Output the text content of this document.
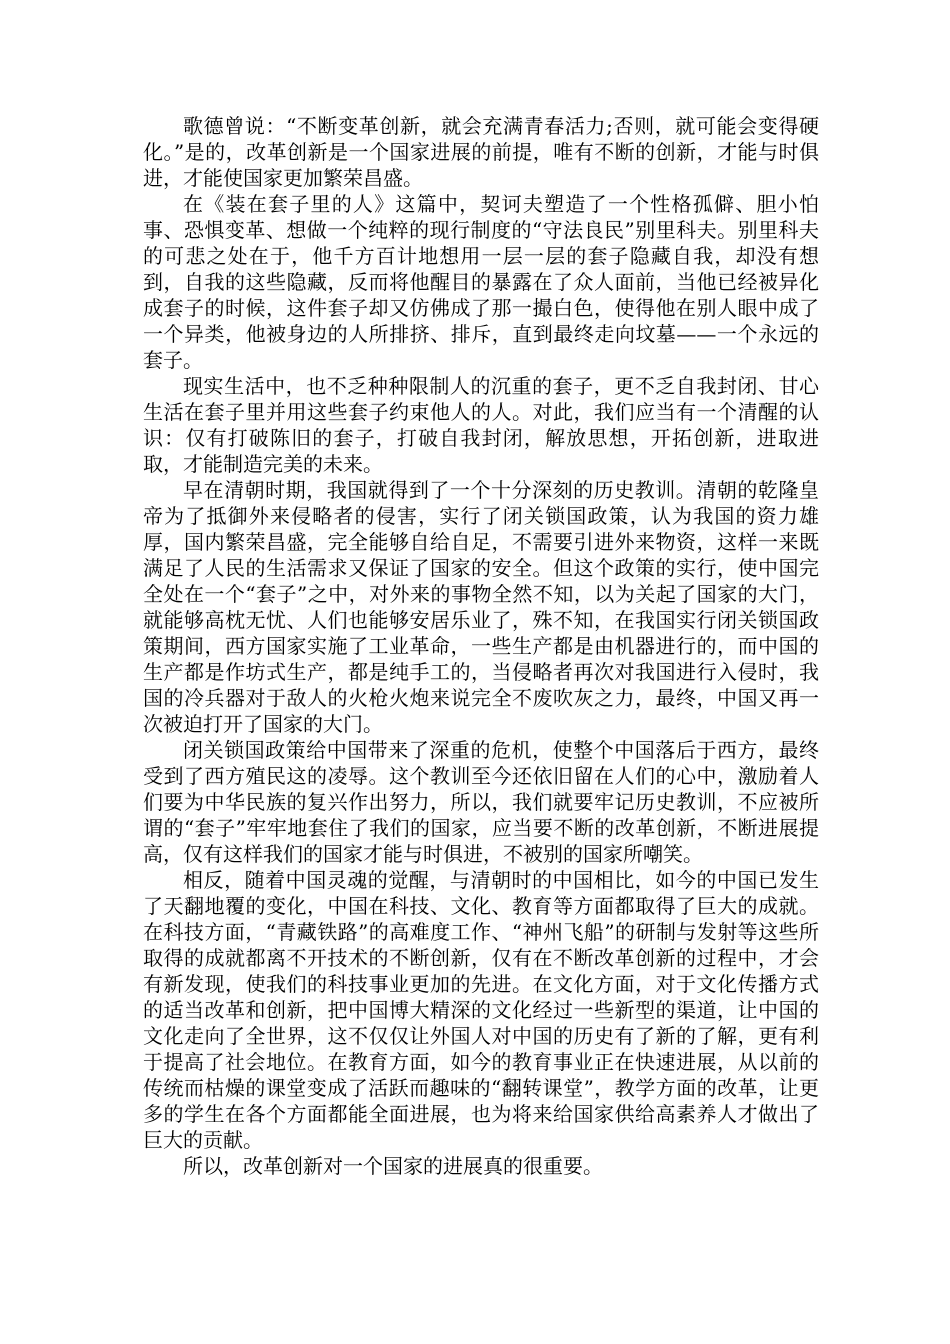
歌德曾说：“不断变革创新，就会充满青春活力;否则，就可能会变得硬化。”是的，改革创新是一个国家进展的前提，唯有不断的创新，才能与时俱进，才能使国家更加繁荣昌盛。

在《装在套子里的人》这篇中，契诃夫塑造了一个性格孤僻、胆小怕事、恐惧变革、想做一个纯粹的现行制度的“守法良民”别里科夫。别里科夫的可悲之处在于，他千方百计地想用一层一层的套子隐藏自我，却没有想到，自我的这些隐藏，反而将他醒目的暴露在了众人面前，当他已经被异化成套子的时候，这件套子却又仿佛成了那一撮白色，使得他在别人眼中成了一个异类，他被身边的人所排挤、排斥，直到最终走向坟墓——一个永远的套子。

现实生活中，也不乏种种限制人的沉重的套子，更不乏自我封闭、甘心生活在套子里并用这些套子约束他人的人。对此，我们应当有一个清醒的认识：仅有打破陈旧的套子，打破自我封闭，解放思想，开拓创新，进取进取，才能制造完美的未来。

早在清朝时期，我国就得到了一个十分深刻的历史教训。清朝的乾隆皇帝为了抵御外来侵略者的侵害，实行了闭关锁国政策，认为我国的资力雄厚，国内繁荣昌盛，完全能够自给自足，不需要引进外来物资，这样一来既满足了人民的生活需求又保证了国家的安全。但这个政策的实行，使中国完全处在一个“套子”之中，对外来的事物全然不知，以为关起了国家的大门，就能够高枕无忧、人们也能够安居乐业了，殊不知，在我国实行闭关锁国政策期间，西方国家实施了工业革命，一些生产都是由机器进行的，而中国的生产都是作坊式生产，都是纯手工的，当侵略者再次对我国进行入侵时，我国的冷兵器对于敌人的火枪火炮来说完全不废吹灰之力，最终，中国又再一次被迫打开了国家的大门。

闭关锁国政策给中国带来了深重的危机，使整个中国落后于西方，最终受到了西方殖民这的凌辱。这个教训至今还依旧留在人们的心中，激励着人们要为中华民族的复兴作出努力，所以，我们就要牢记历史教训，不应被所谓的“套子”牢牢地套住了我们的国家，应当要不断的改革创新，不断进展提高，仅有这样我们的国家才能与时俱进，不被别的国家所嘲笑。

相反，随着中国灵魂的觉醒，与清朝时的中国相比，如今的中国已发生了天翻地覆的变化，中国在科技、文化、教育等方面都取得了巨大的成就。在科技方面，“青藏铁路”的高难度工作、“神州飞船”的研制与发射等这些所取得的成就都离不开技术的不断创新，仅有在不断改革创新的过程中，才会有新发现，使我们的科技事业更加的先进。在文化方面，对于文化传播方式的适当改革和创新，把中国博大精深的文化经过一些新型的渠道，让中国的文化走向了全世界，这不仅仅让外国人对中国的历史有了新的了解，更有利于提高了社会地位。在教育方面，如今的教育事业正在快速进展，从以前的传统而枯燥的课堂变成了活跃而趣味的“翻转课堂”，教学方面的改革，让更多的学生在各个方面都能全面进展，也为将来给国家供给高素养人才做出了巨大的贡献。

所以，改革创新对一个国家的进展真的很重要。
